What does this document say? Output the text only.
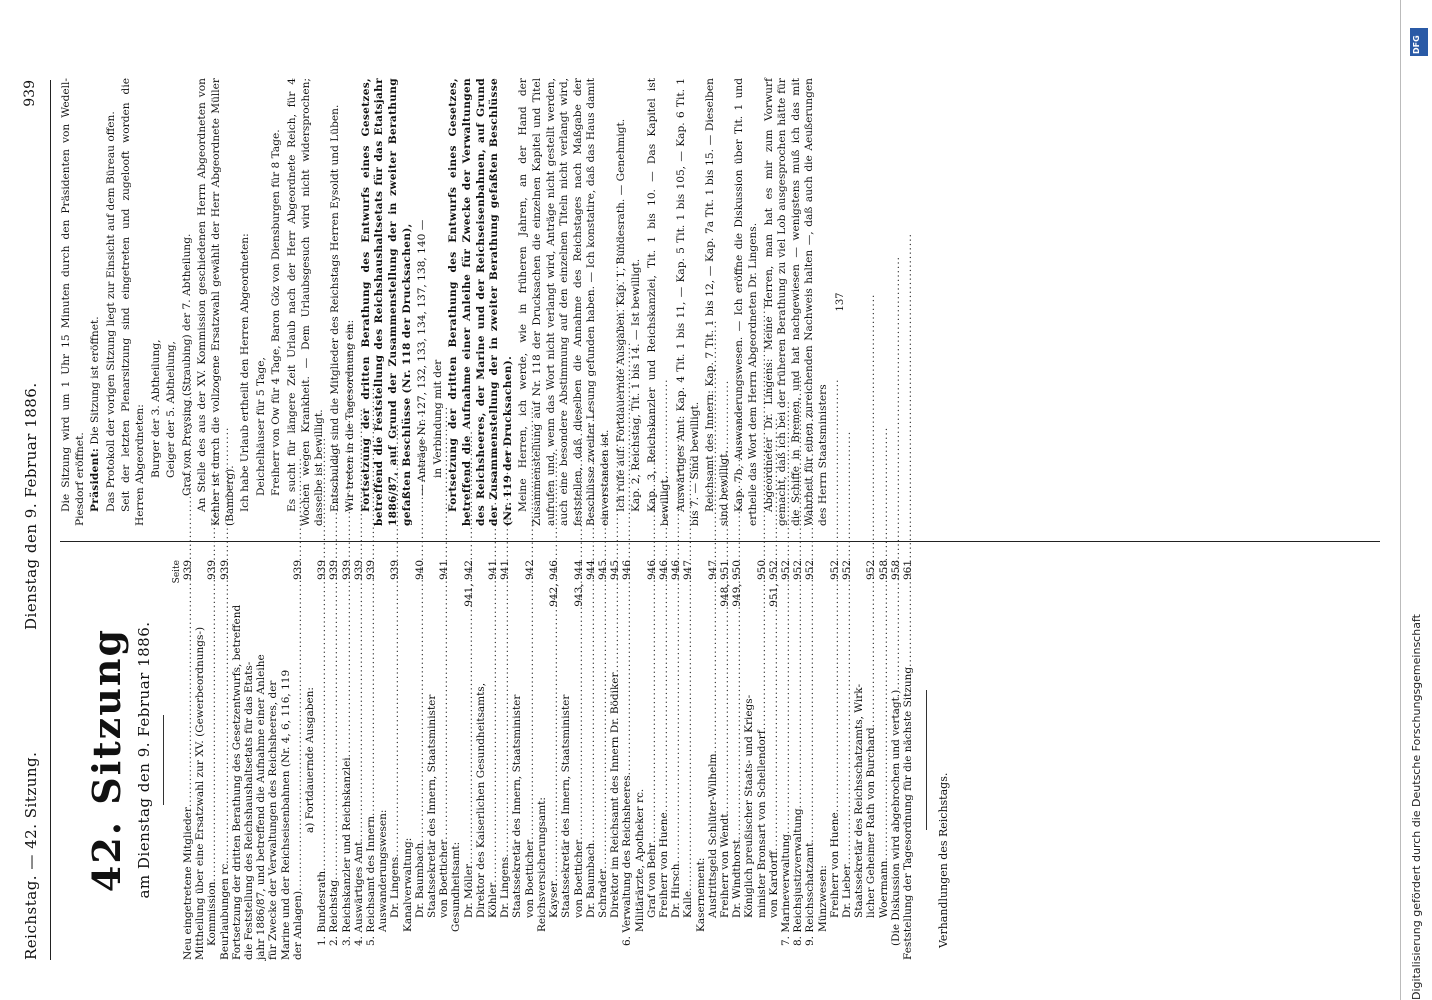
Reichstag. — 42. Sitzung.
Dienstag den 9. Februar 1886.
939
42. Sitzung am Dienstag den 9. Februar 1886.
Seite
Neu eingetretene Mitglieder
.....
939
Mittheilung über eine Ersatzwahl zur XV. (Gewerbeordnungs-) Kommission
.....
939
Beurlaubungen rc.
.....
939
Fortsetzung der dritten Berathung des Gesetzentwurfs, betreffend die Feststellung des Reichshaushaltsetats für das Etats- jahr 1886/87, und betreffend die Aufnahme einer Anleihe für Zwecke der Verwaltungen des Reichsheeres, der Marine und der Reichseisenbahnen (Nr. 4, 6, 116, 119 der Anlagen)
.....
939
a) Fortdauernde Ausgaben:
1. Bundesrath
.....
939
2. Reichstag
.....
939
3. Reichskanzler und Reichskanzlei
.....
939
4. Auswärtiges Amt
.....
939
5. Reichsamt des Innern
.....
939
Auswanderungswesen: Dr. Lingens
.....
939
Kanalverwaltung: Dr. Baumbach
.....
940
Staatssekretär des Innern, Staatsminister von Boetticher
.....
941
Gesundheitsamt: Dr. Möller
.....
941, 942
Direktor des Kaiserlichen Gesundheitsamts, Köhler
.....
941
Dr. Lingens
.....
941
Staatssekretär des Innern, Staatsminister von Boetticher
.....
942
Reichsversicherungsamt: Kayser
.....
942, 946
Staatssekretär des Innern, Staatsminister von Boetticher
.....
943, 944
Dr. Baumbach
.....
944
Schrader
.....
945
Direktor im Reichsamt des Innern Dr. Bödiker
.....
945
6. Verwaltung des Reichsheeres
.....
946
Militärärzte, Apotheker rc. Graf von Behr
.....
946
Freiherr von Huene
.....
946
Dr. Hirsch
.....
946
Kalle
.....
947
Kasernement: Austrittsgeld Schlüter-Wilhelm
.....
947
Freiherr von Wendt
.....
948, 951
Dr. Windthorst
.....
949, 950
Königlich preußischer Staats- und Kriegs- minister Bronsart von Schellendorf
.....
950
von Kardorff
.....
951, 952
7. Marineverwaltung
.....
952
8. Reichsjustizverwaltung
.....
952
9. Reichsschatzamt
.....
952
Münzwesen: Freiherr von Huene
.....
952
Dr. Lieber
.....
952
Staatssekretär des Reichsschatzamts, Wirk- licher Geheimer Rath von Burchard
.....
952
Woermann
.....
958
(Die Diskussion wird abgebrochen und vertagt.)
.....
958
Feststellung der Tagesordnung für die nächste Sitzung
.....
961
Verhandlungen des Reichstags.

Die Sitzung wird um 1 Uhr 15 Minuten durch den Präsidenten von Wedell-Piesdorf eröffnet. Präsident: Die Sitzung ist eröffnet. Das Protokoll der vorigen Sitzung liegt zur Einsicht auf dem Büreau offen. Seit der letzten Plenarsitzung sind eingetreten und zugelooft worden die Herren Abgeordneten: Burger der 3. Abtheilung, Geiger der 5. Abtheilung, Graf von Preysing (Straubing) der 7. Abtheilung. An Stelle des aus der XV. Kommission geschiedenen Herrn Abgeordneten von Kehler ist durch die vollzogene Ersatzwahl gewählt der Herr Abgeordnete Müller (Bamberg). Ich habe Urlaub ertheilt den Herren Abgeordneten: Deichelhäuser für 5 Tage, Freiherr von Ow für 4 Tage, Baron Göz von Diensburgen für 8 Tage. Es sucht für längere Zeit Urlaub nach der Herr Abgeordnete Reich, für 4 Wochen wegen Krankheit. — Dem Urlaubsgesuch wird nicht widersprochen; dasselbe ist bewilligt. Entschuldigt sind die Mitglieder des Reichstags Herren Eysoldt und Lüben. Wir treten in die Tagesordnung ein: Fortsetzung der dritten Berathung des Entwurfs eines Gesetzes, betreffend die Feststellung des Reichshaushaltsetats für das Etatsjahr 1886/87, auf Grund der Zusammenstellung der in zweiter Berathung gefaßten Beschlüsse (Nr. 118 der Drucksachen), — Anträge Nr. 127, 132, 133, 134, 137, 138, 140 — in Verbindung mit der Fortsetzung der dritten Berathung des Entwurfs eines Gesetzes, betreffend die Aufnahme einer Anleihe für Zwecke der Verwaltungen des Reichsheeres, der Marine und der Reichseisenbahnen, auf Grund der Zusammenstellung der in zweiter Berathung gefaßten Beschlüsse (Nr. 119 der Drucksachen). Meine Herren, ich werde, wie in früheren Jahren, an der Hand der Zusammenstellung auf Nr. 118 der Drucksachen die einzelnen Kapitel und Titel aufrufen und, wenn das Wort nicht verlangt wird, Anträge nicht gestellt werden, auch eine besondere Abstimmung auf den einzelnen Titeln nicht verlangt wird, feststellen, daß dieselben die Annahme des Reichstages nach Maßgabe der Beschlüsse zweiter Lesung gefunden haben. — Ich konstatire, daß das Haus damit einverstanden ist. Ich rufe auf: Fortdauernde Ausgaben. Kap. 1, Bundesrath. — Genehmigt. Kap. 2, Reichstag, Tit. 1 bis 14. — Ist bewilligt. Kap. 3, Reichskanzler und Reichskanzlei, Tit. 1 bis 10. — Das Kapitel ist bewilligt. Auswärtiges Amt: Kap. 4 Tit. 1 bis 11, — Kap. 5 Tit. 1 bis 105, — Kap. 6 Tit. 1 bis 7. — Sind bewilligt. Reichsamt des Innern: Kap. 7 Tit. 1 bis 12, — Kap. 7a Tit. 1 bis 15. — Dieselben sind bewilligt. Kap. 7b, Auswanderungswesen. — Ich eröffne die Diskussion über Tit. 1 und ertheile das Wort dem Herrn Abgeordneten Dr. Lingens. Abgeordneter Dr. Lingens: Meine Herren, man hat es mir zum Vorwurf gemacht, daß ich bei der früheren Berathung zu viel Lob ausgesprochen hätte für die Schiffe in Bremen, und hat nachgewiesen — wenigstens muß ich das mit Wahrheit für einen zureichenden Nachweis halten —, daß auch die Aeußerungen des Herrn Staatsministers

137
DFG
Digitalisierung gefördert durch die Deutsche Forschungsgemeinschaft
